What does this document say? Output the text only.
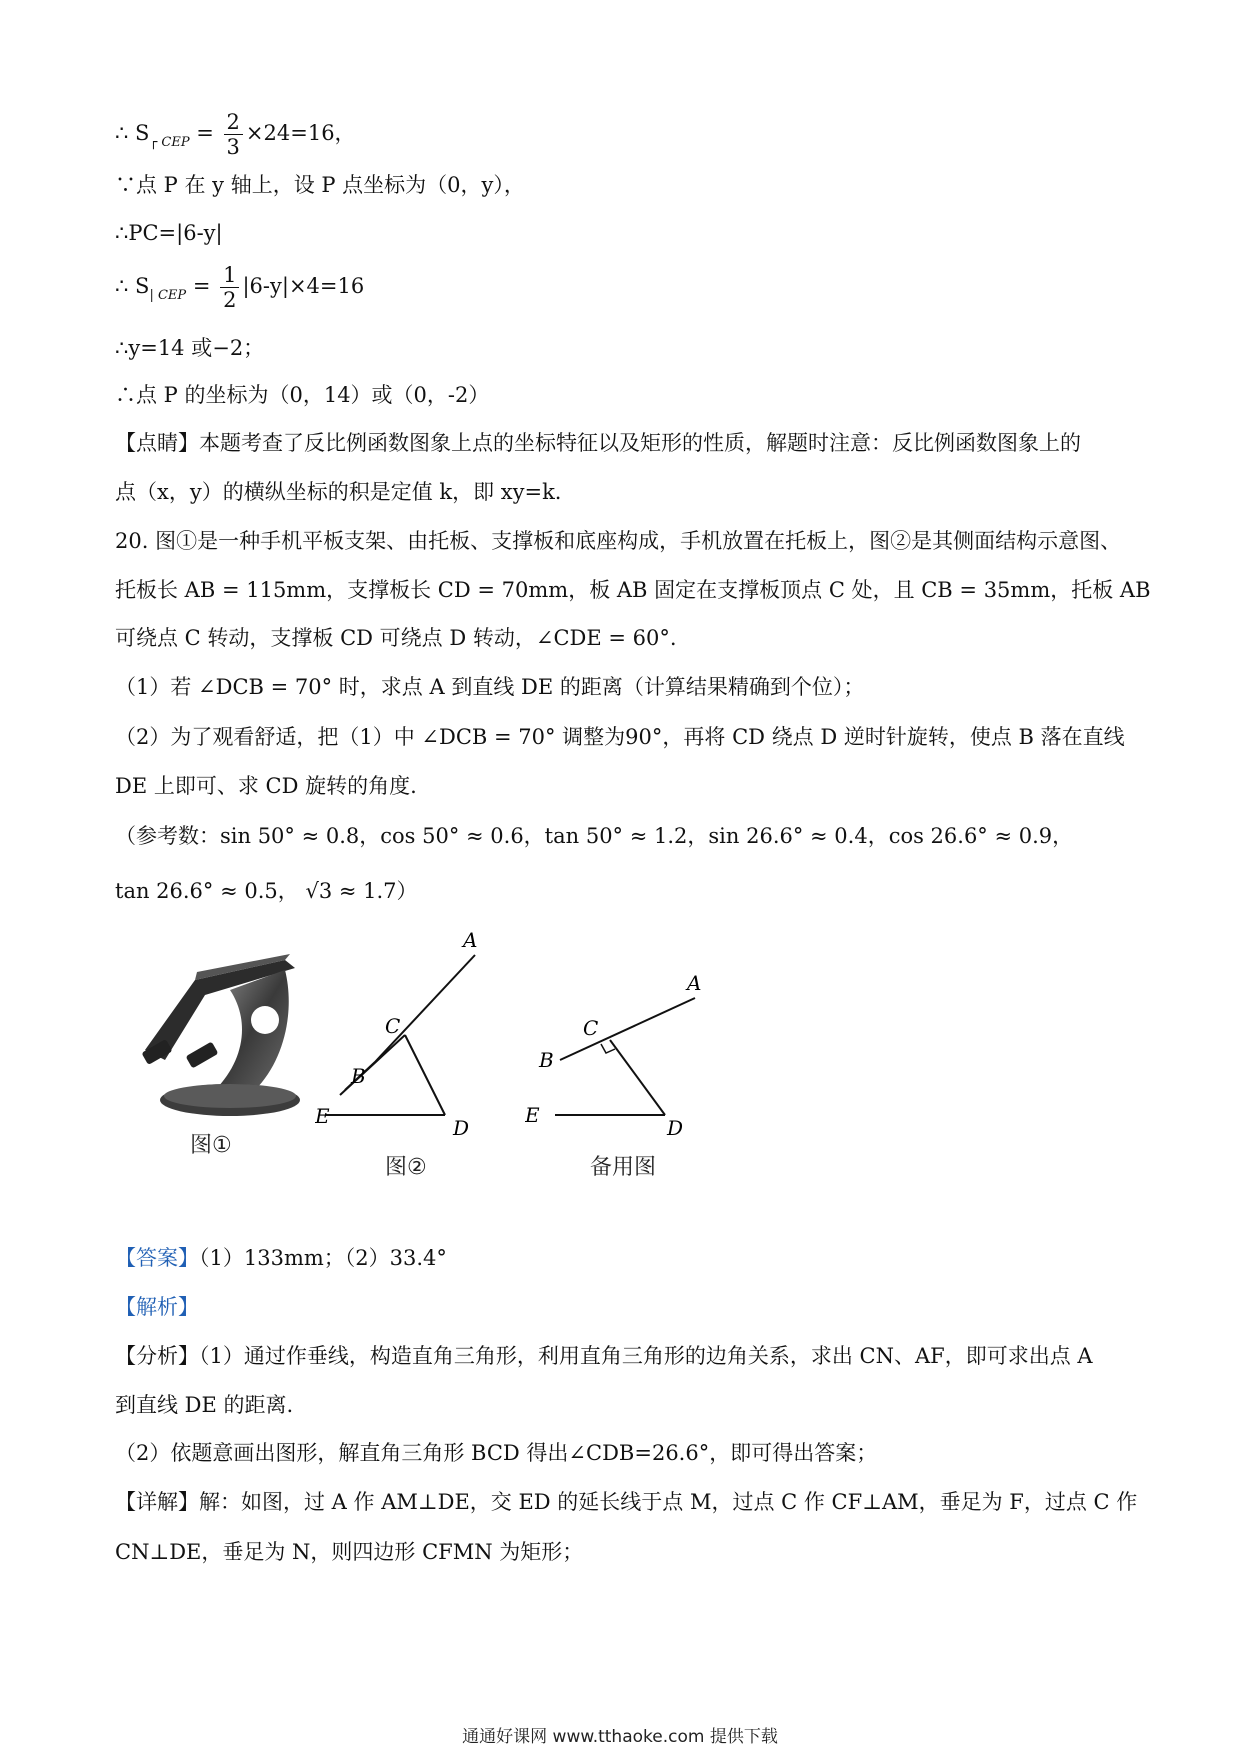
∴ $S_{┌ CEP} = \frac{2}{3} \times 24=16$，
∵点 P 在 y 轴上，设 P 点坐标为（0，y），
∴PC=|6-y|
∴ $S_{| CEP} = \frac{1}{2} |6-y|\times 4=16$
∴y=14 或−2；
∴点 P 的坐标为（0，14）或（0，-2）
【点睛】本题考查了反比例函数图象上点的坐标特征以及矩形的性质，解题时注意：反比例函数图象上的
点（x，y）的横纵坐标的积是定值 k，即 xy=k.
20. 图①是一种手机平板支架、由托板、支撑板和底座构成，手机放置在托板上，图②是其侧面结构示意图、
托板长 AB = 115mm，支撑板长 CD = 70mm，板 AB 固定在支撑板顶点 C 处，且 CB = 35mm，托板 AB
可绕点 C 转动，支撑板 CD 可绕点 D 转动，∠CDE = 60°.
（1）若 ∠DCB = 70° 时，求点 A 到直线 DE 的距离（计算结果精确到个位）；
（2）为了观看舒适，把（1）中 ∠DCB = 70° 调整为90°，再将 CD 绕点 D 逆时针旋转，使点 B 落在直线
DE 上即可、求 CD 旋转的角度.
（参考数：sin 50° ≈ 0.8，cos 50° ≈ 0.6，tan 50° ≈ 1.2，sin 26.6° ≈ 0.4，cos 26.6° ≈ 0.9，
tan 26.6° ≈ 0.5， √3 ≈ 1.7）
图①
A
C
B
E	D
图②
A
C
B
E
D
备用图
【答案】（1）133mm；（2）33.4°
【解析】
【分析】（1）通过作垂线，构造直角三角形，利用直角三角形的边角关系，求出 CN、AF，即可求出点 A
到直线 DE 的距离.
（2）依题意画出图形，解直角三角形 BCD 得出∠CDB=26.6°，即可得出答案；
【详解】解：如图，过 A 作 AM⊥DE，交 ED 的延长线于点 M，过点 C 作 CF⊥AM，垂足为 F，过点 C 作
CN⊥DE，垂足为 N，则四边形 CFMN 为矩形；
通通好课网 www.tthaoke.com 提供下载
